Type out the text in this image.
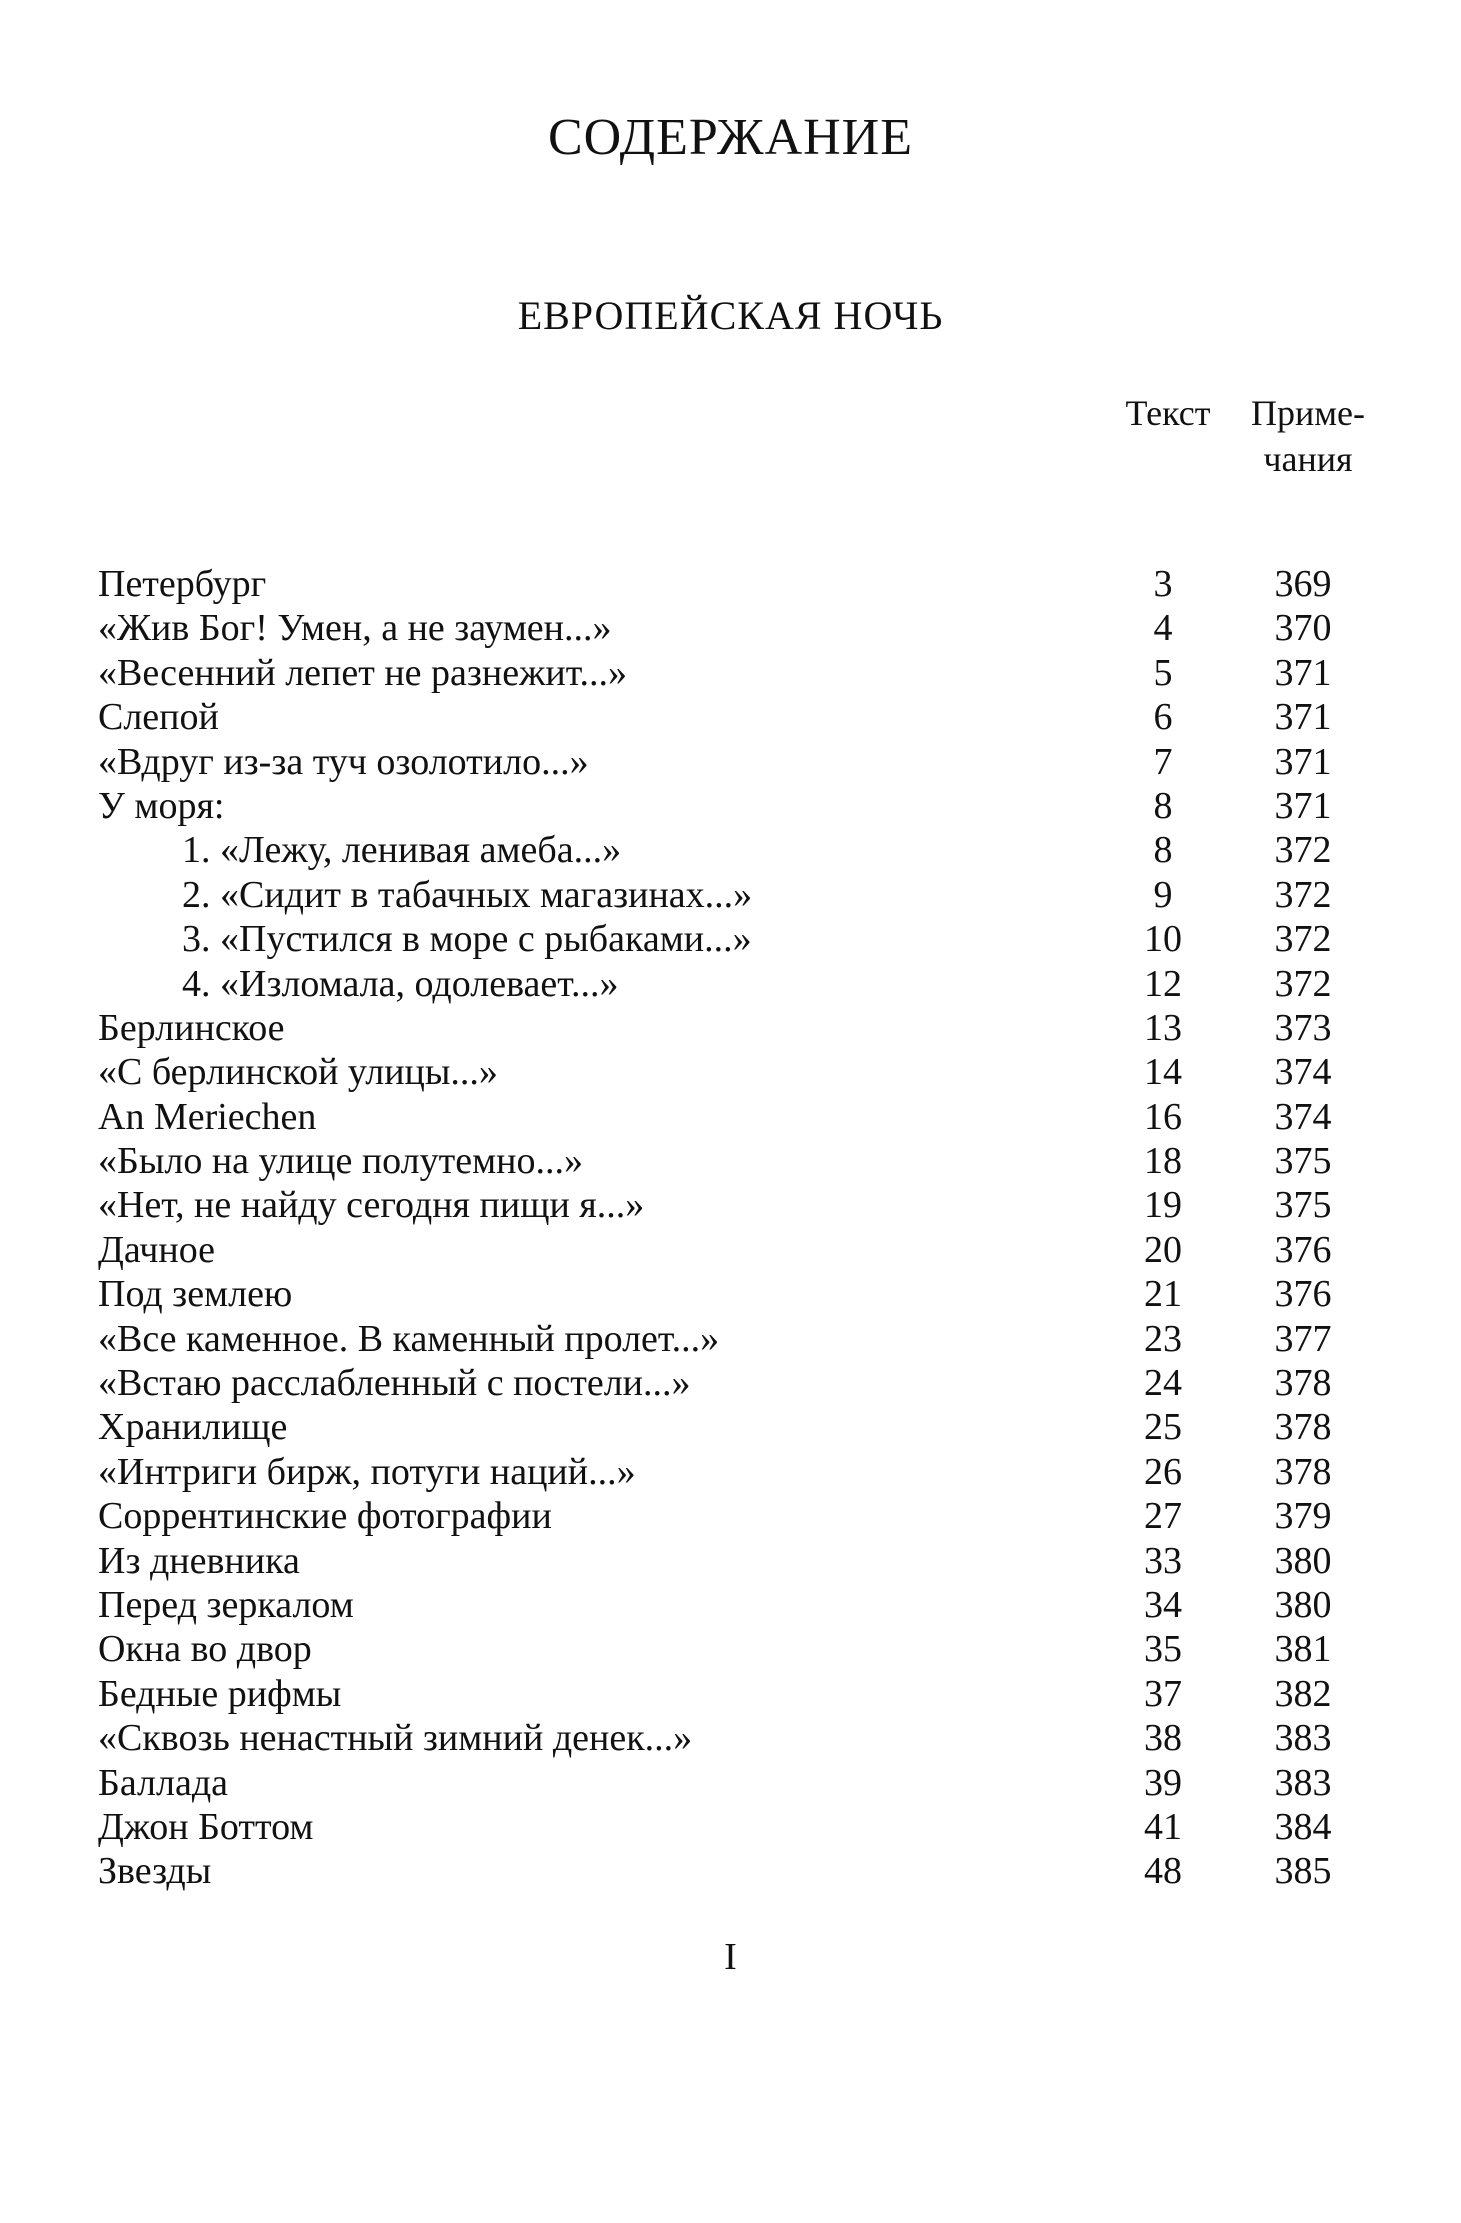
СОДЕРЖАНИЕ
ЕВРОПЕЙСКАЯ НОЧЬ
Текст	Приме-
чания
Петербург	3	369
«Жив Бог! Умен, а не заумен...»	4	370
«Весенний лепет не разнежит...»	5	371
Слепой	6	371
«Вдруг из-за туч озолотило...»	7	371
У моря:	8	371
1. «Лежу, ленивая амеба...»	8	372
2. «Сидит в табачных магазинах...»	9	372
3. «Пустился в море с рыбаками...»	10	372
4. «Изломала, одолевает...»	12	372
Берлинское	13	373
«С берлинской улицы...»	14	374
An Meriechen	16	374
«Было на улице полутемно...»	18	375
«Нет, не найду сегодня пищи я...»	19	375
Дачное	20	376
Под землею	21	376
«Все каменное. В каменный пролет...»	23	377
«Встаю расслабленный с постели...»	24	378
Хранилище	25	378
«Интриги бирж, потуги наций...»	26	378
Соррентинские фотографии	27	379
Из дневника	33	380
Перед зеркалом	34	380
Окна во двор	35	381
Бедные рифмы	37	382
«Сквозь ненастный зимний денек...»	38	383
Баллада	39	383
Джон Боттом	41	384
Звезды	48	385
I
